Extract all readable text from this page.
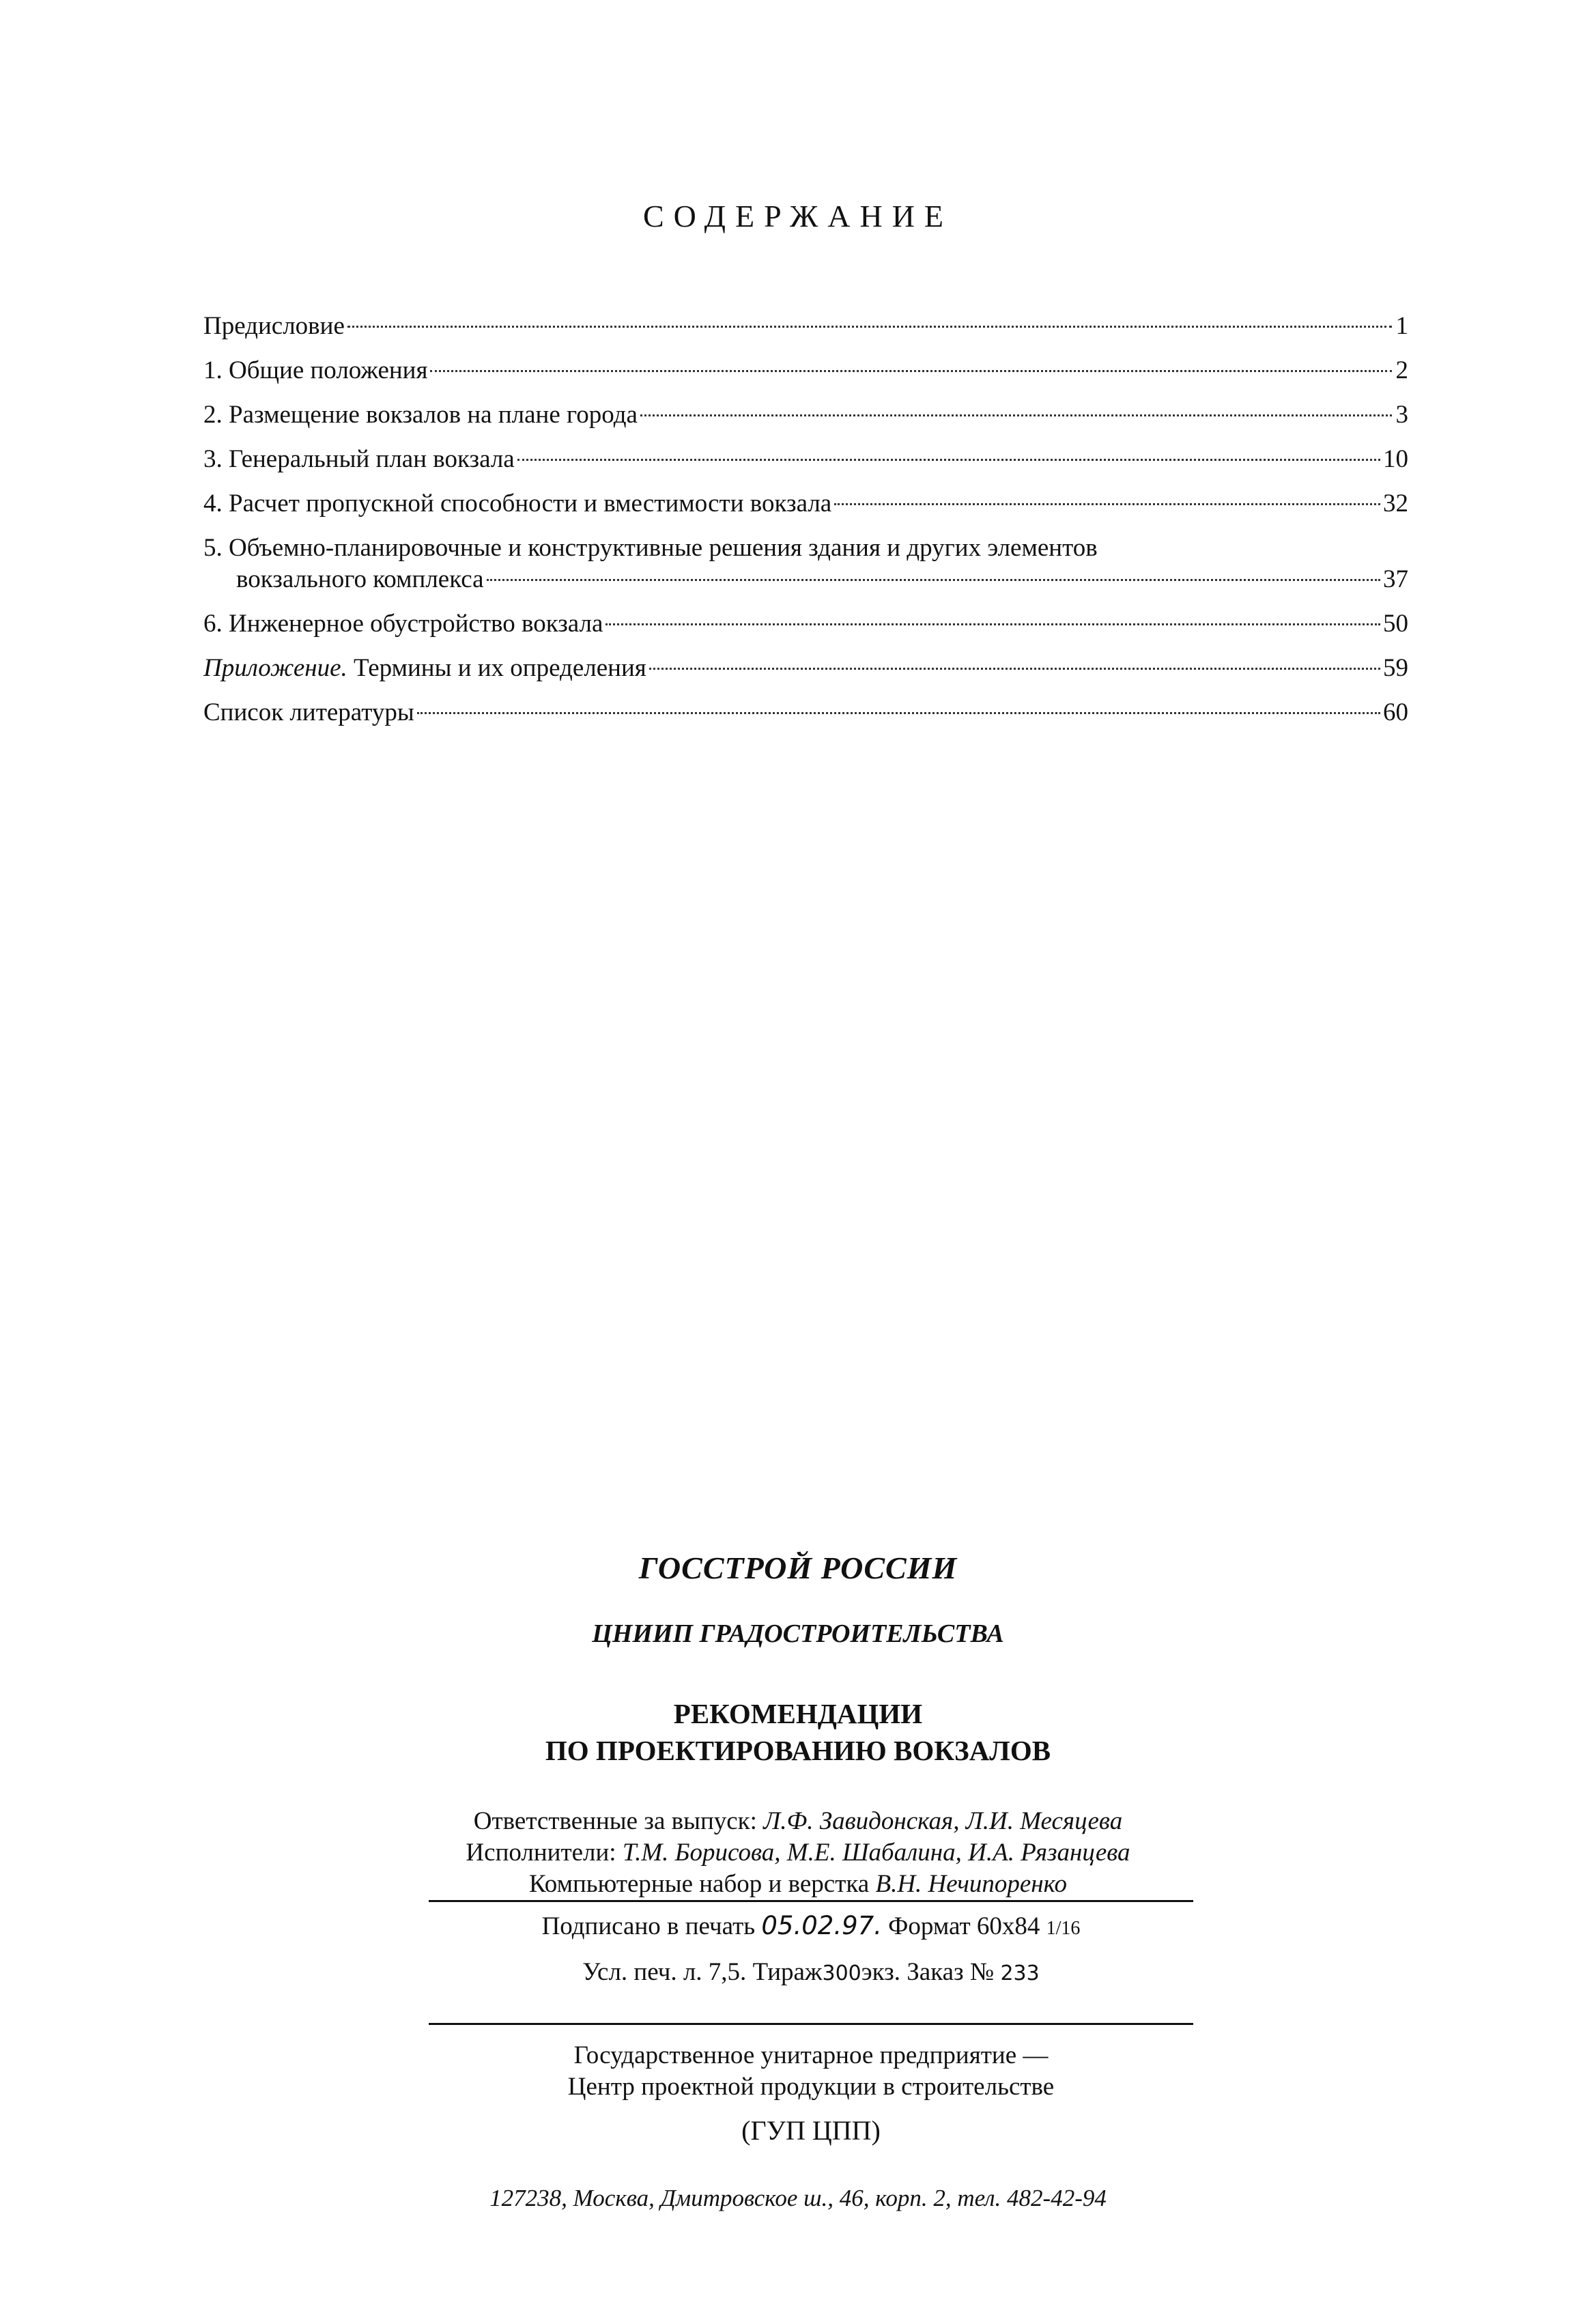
СОДЕРЖАНИЕ
Предисловие	1
1. Общие положения	2
2. Размещение вокзалов на плане города	3
3. Генеральный план вокзала	10
4. Расчет пропускной способности и вместимости вокзала	32
5. Объемно-планировочные и конструктивные решения здания и других элементов
вокзального комплекса	37
6. Инженерное обустройство вокзала	50
Приложение. Термины и их определения	59
Список литературы	60
ГОССТРОЙ РОССИИ
ЦНИИП ГРАДОСТРОИТЕЛЬСТВА
РЕКОМЕНДАЦИИ
ПО ПРОЕКТИРОВАНИЮ ВОКЗАЛОВ
Ответственные за выпуск: Л.Ф. Завидонская, Л.И. Месяцева
Исполнители: Т.М. Борисова, М.Е. Шабалина, И.А. Рязанцева
Компьютерные набор и верстка В.Н. Нечипоренко
Подписано в печать 05.02.97. Формат 60х84 1/16
Усл. печ. л. 7,5. Тираж300экз. Заказ № 233
Государственное унитарное предприятие —
Центр проектной продукции в строительстве
(ГУП ЦПП)
127238, Москва, Дмитровское ш., 46, корп. 2, тел. 482-42-94
